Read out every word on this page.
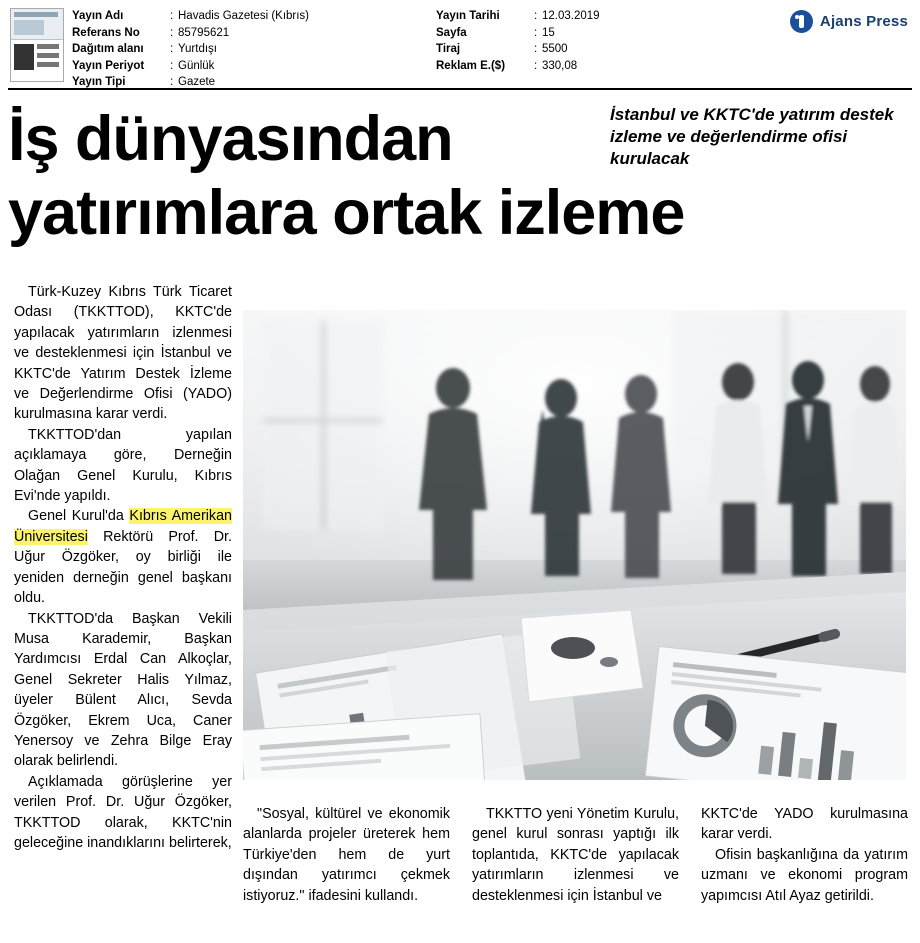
Yayın Adı	: Havadis Gazetesi (Kıbrıs)
Referans No	: 85795621
Dağıtım alanı	: Yurtdışı
Yayın Periyot	: Günlük
Yayın Tipi	: Gazete
Yayın Tarihi	: 12.03.2019
Sayfa	: 15
Tiraj	: 5500
Reklam E.($)	: 330,08
Ajans Press
İstanbul ve KKTC'de yatırım destek izleme ve değerlendirme ofisi kurulacak
İş dünyasından
yatırımlara ortak izleme

Türk-Kuzey Kıbrıs Türk Ticaret Odası (TKKTTOD), KKTC'de yapılacak yatırımların izlenmesi ve desteklenmesi için İstanbul ve KKTC'de Yatırım Destek İzleme ve Değerlendirme Ofisi (YADO) kurulmasına karar verdi.

TKKTTOD'dan yapılan açıklamaya göre, Derneğin Olağan Genel Kurulu, Kıbrıs Evi'nde yapıldı.

Genel Kurul'da Kıbrıs Amerikan Üniversitesi Rektörü Prof. Dr. Uğur Özgöker, oy birliği ile yeniden derneğin genel başkanı oldu.

TKKTTOD'da Başkan Vekili Musa Karademir, Başkan Yardımcısı Erdal Can Alkoçlar, Genel Sekreter Halis Yılmaz, üyeler Bülent Alıcı, Sevda Özgöker, Ekrem Uca, Caner Yenersoy ve Zehra Bilge Eray olarak belirlendi.

Açıklamada görüşlerine yer verilen Prof. Dr. Uğur Özgöker, TKKTTOD olarak, KKTC'nin geleceğine inandıklarını belirterek,

"Sosyal, kültürel ve ekonomik alanlarda projeler üreterek hem Türkiye'den hem de yurt dışından yatırımcı çekmek istiyoruz." ifadesini kullandı.

TKKTTO yeni Yönetim Kurulu, genel kurul sonrası yaptığı ilk toplantıda, KKTC'de yapılacak yatırımların izlenmesi ve desteklenmesi için İstanbul ve

KKTC'de YADO kurulmasına karar verdi.

Ofisin başkanlığına da yatırım uzmanı ve ekonomi program yapımcısı Atıl Ayaz getirildi.
